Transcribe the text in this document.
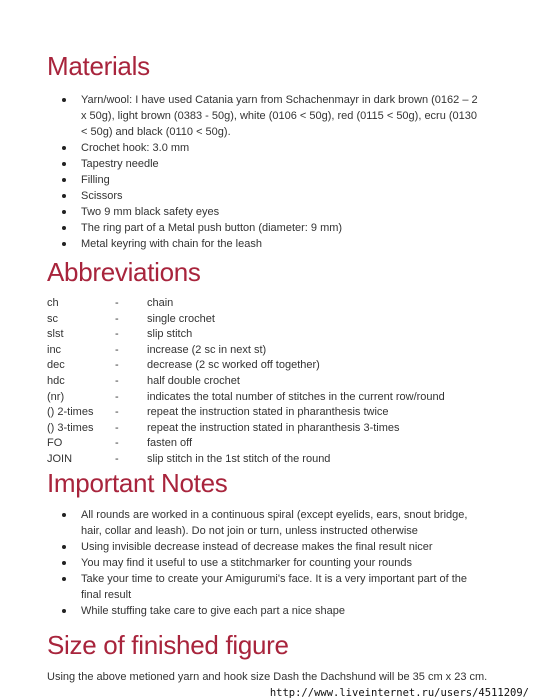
Materials
Yarn/wool: I have used Catania yarn from Schachenmayr in dark brown (0162 – 2 x 50g), light brown (0383 - 50g), white (0106 < 50g), red (0115 < 50g), ecru (0130 < 50g) and black (0110 < 50g).
Crochet hook: 3.0 mm
Tapestry needle
Filling
Scissors
Two 9 mm black safety eyes
The ring part of a Metal push button (diameter: 9 mm)
Metal keyring with chain for the leash
Abbreviations
ch	-	chain
sc	-	single crochet
slst	-	slip stitch
inc	-	increase (2 sc in next st)
dec	-	decrease (2 sc worked off together)
hdc	-	half double crochet
(nr)	-	indicates the total number of stitches in the current row/round
() 2-times -	repeat the instruction stated in pharanthesis twice
() 3-times -	repeat the instruction stated in pharanthesis 3-times
FO	-	fasten off
JOIN	-	slip stitch in the 1st stitch of the round
Important Notes
All rounds are worked in a continuous spiral (except eyelids, ears, snout bridge, hair, collar and leash). Do not join or turn, unless instructed otherwise
Using invisible decrease instead of decrease makes the final result nicer
You may find it useful to use a stitchmarker for counting your rounds
Take your time to create your Amigurumi's face. It is a very important part of the final result
While stuffing take care to give each part a nice shape
Size of finished figure

Using the above metioned yarn and hook size Dash the Dachshund will be 35 cm x 23 cm.

http://www.liveinternet.ru/users/4511209/
